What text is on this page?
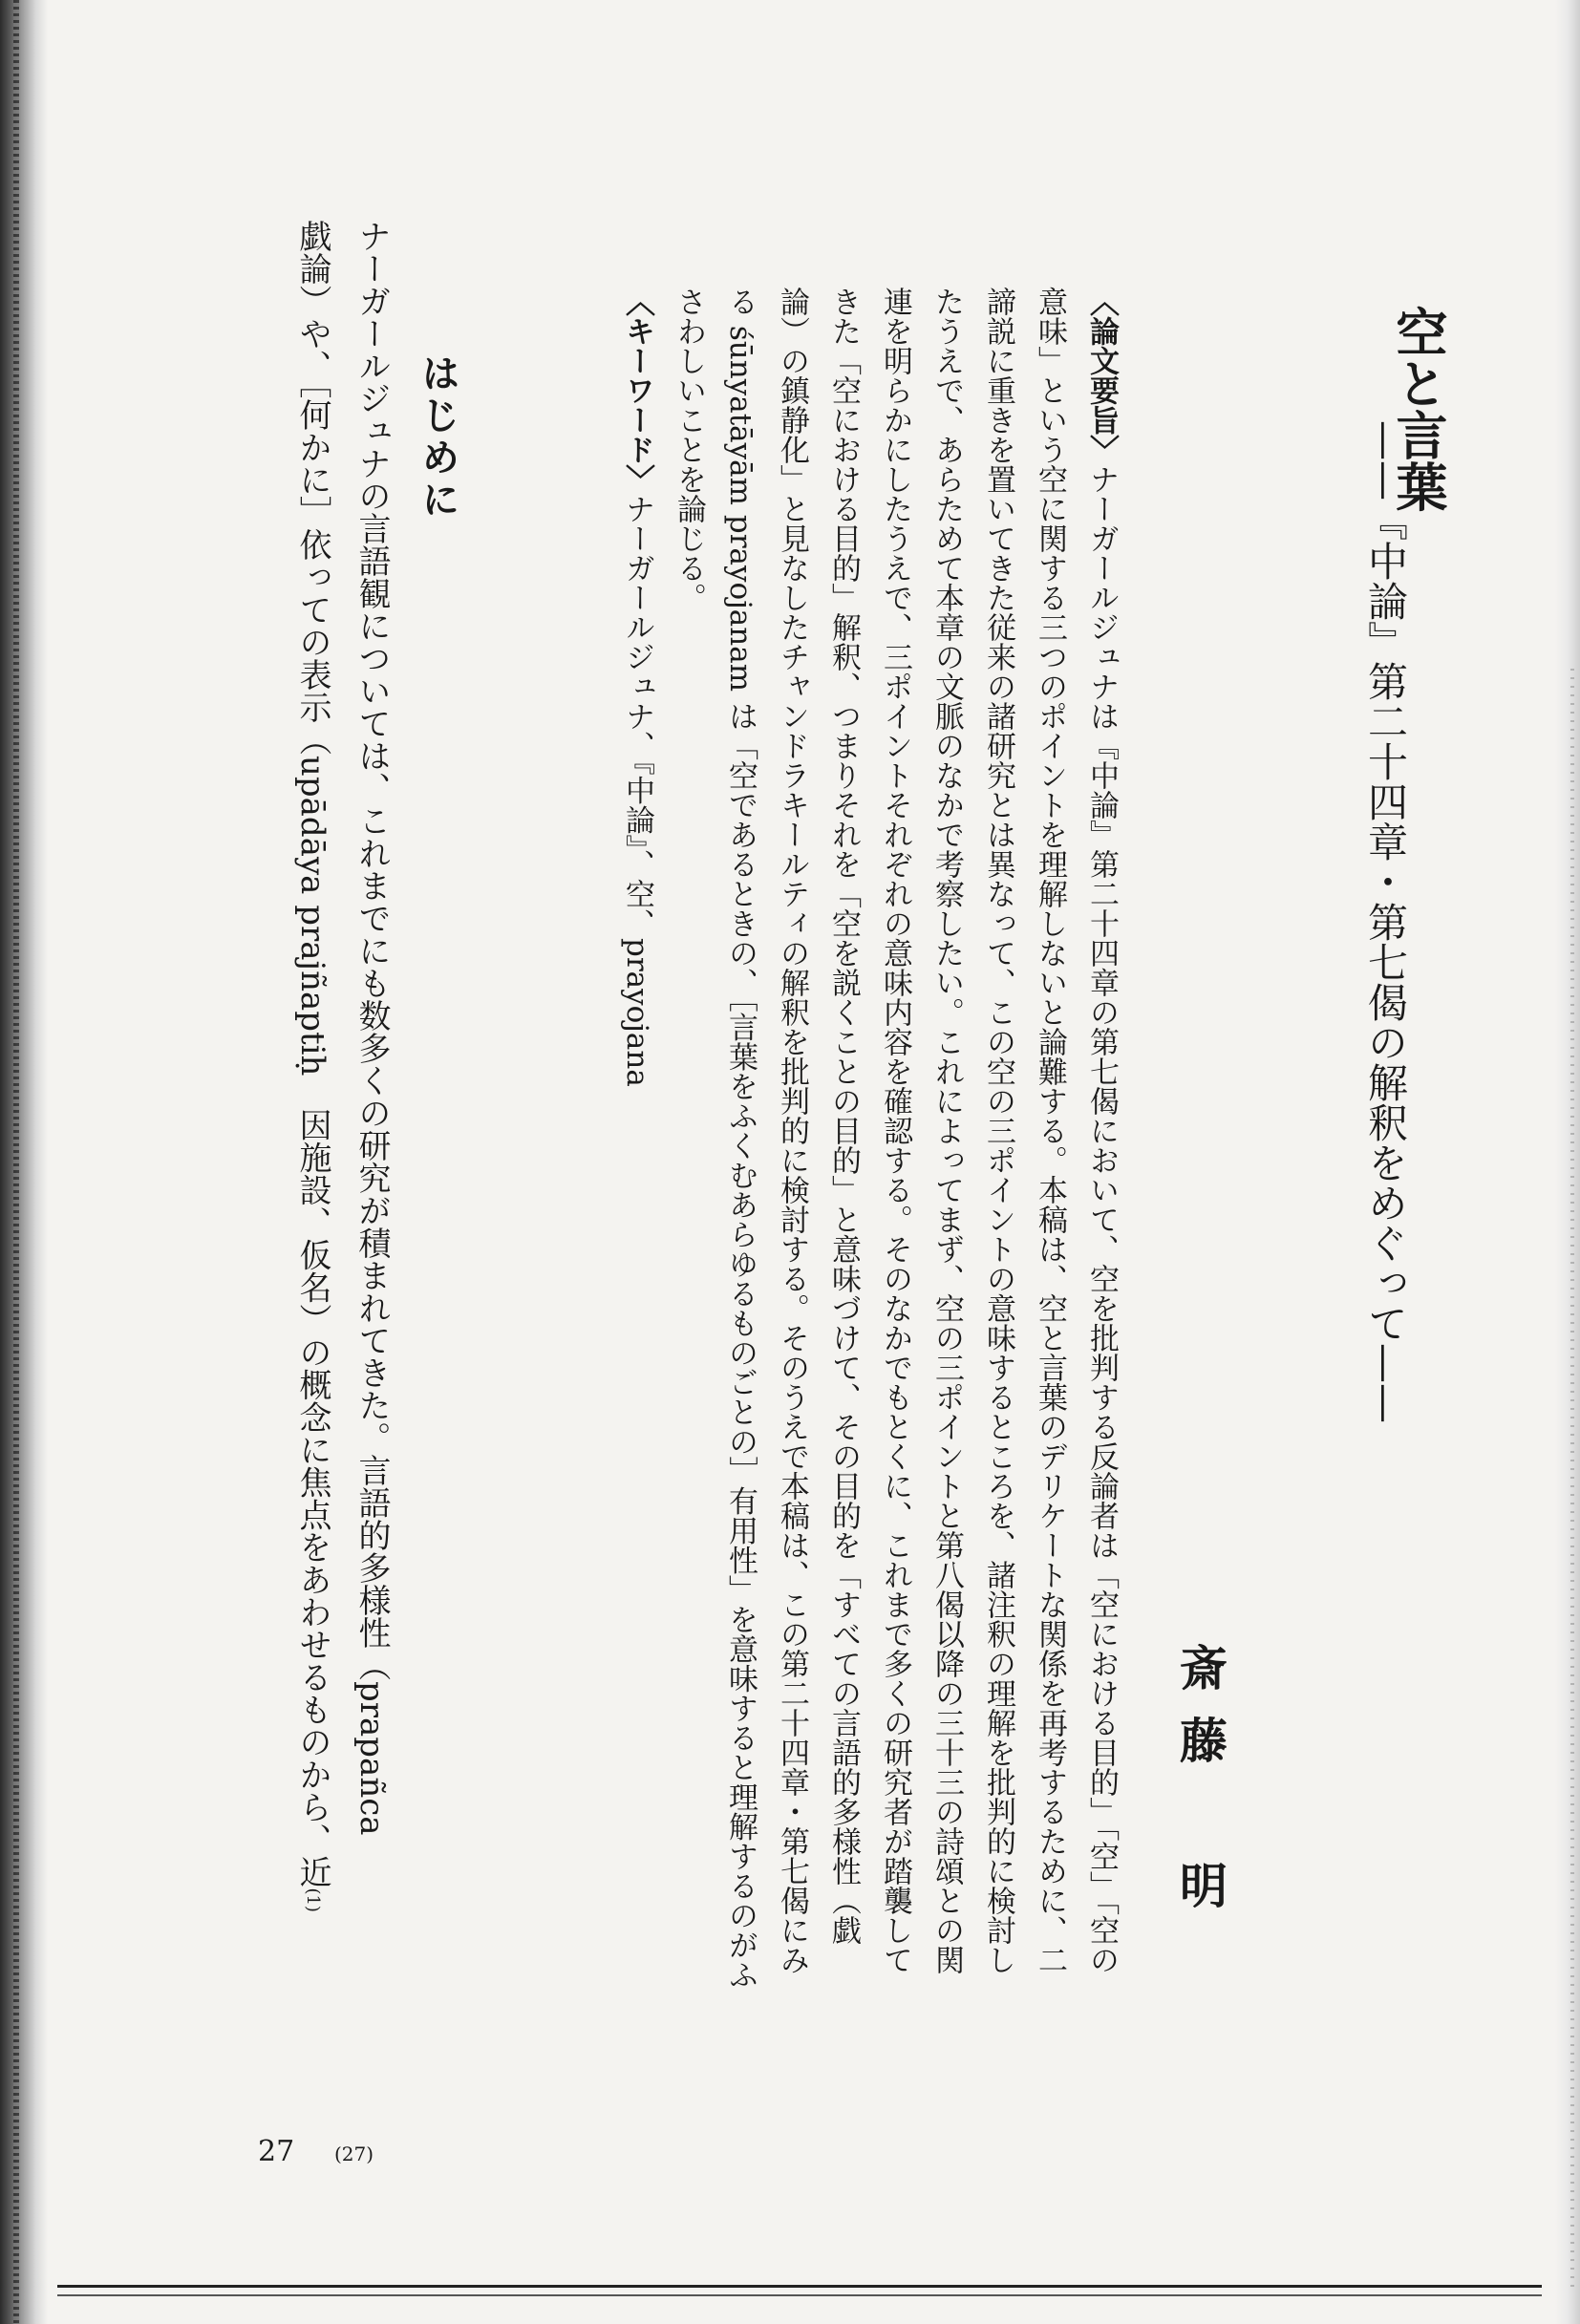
空と言葉
——『中論』第二十四章・第七偈の解釈をめぐって——
斎藤　明
〈論文要旨〉ナーガールジュナは『中論』第二十四章の第七偈において、空を批判する反論者は「空における目的」「空」「空の
意味」という空に関する三つのポイントを理解しないと論難する。本稿は、空と言葉のデリケートな関係を再考するために、二
諦説に重きを置いてきた従来の諸研究とは異なって、この空の三ポイントの意味するところを、諸注釈の理解を批判的に検討し
たうえで、あらためて本章の文脈のなかで考察したい。これによってまず、空の三ポイントと第八偈以降の三十三の詩頌との関
連を明らかにしたうえで、三ポイントそれぞれの意味内容を確認する。そのなかでもとくに、これまで多くの研究者が踏襲して
きた「空における目的」解釈、つまりそれを「空を説くことの目的」と意味づけて、その目的を「すべての言語的多様性（戯
論）の鎮静化」と見なしたチャンドラキールティの解釈を批判的に検討する。そのうえで本稿は、この第二十四章・第七偈にみ
る śūnyatāyām prayojanam は「空であるときの、［言葉をふくむあらゆるものごとの］有用性」を意味すると理解するのがふ
さわしいことを論じる。
〈キーワード〉ナーガールジュナ、『中論』、空、prayojana
はじめに
ナーガールジュナの言語観については、これまでにも数多くの研究が積まれてきた。言語的多様性（prapañca
戯論）や、［何かに］依っての表示（upādāya prajñaptiḥ　因施設、仮名）の概念に焦点をあわせるものから、近(1)
27 (27)
